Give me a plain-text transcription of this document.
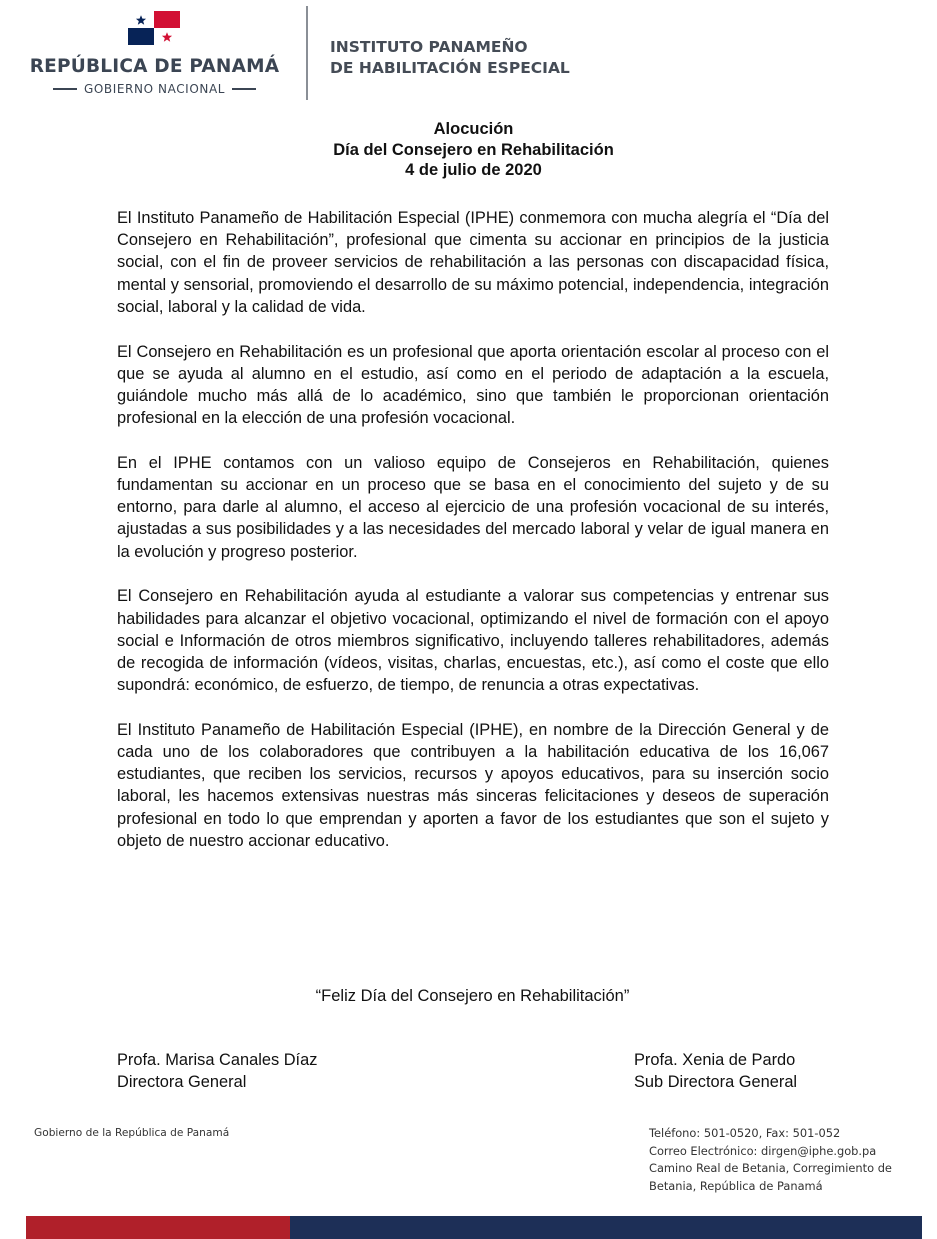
REPÚBLICA DE PANAMÁ
GOBIERNO NACIONAL
INSTITUTO PANAMEÑO
DE HABILITACIÓN ESPECIAL
Alocución
Día del Consejero en Rehabilitación
4 de julio de 2020

El Instituto Panameño de Habilitación Especial (IPHE) conmemora con mucha alegría el “Día del Consejero en Rehabilitación”, profesional que cimenta su accionar en principios de la justicia social, con el fin de proveer servicios de rehabilitación a las personas con discapacidad física, mental y sensorial, promoviendo el desarrollo de su máximo potencial, independencia, integración social, laboral y la calidad de vida.

El Consejero en Rehabilitación es un profesional que aporta orientación escolar al proceso con el que se ayuda al alumno en el estudio, así como en el periodo de adaptación a la escuela, guiándole mucho más allá de lo académico, sino que también le proporcionan orientación profesional en la elección de una profesión vocacional.

En el IPHE contamos con un valioso equipo de Consejeros en Rehabilitación, quienes fundamentan su accionar en un proceso que se basa en el conocimiento del sujeto y de su entorno, para darle al alumno, el acceso al ejercicio de una profesión vocacional de su interés, ajustadas a sus posibilidades y a las necesidades del mercado laboral y velar de igual manera en la evolución y progreso posterior.

El Consejero en Rehabilitación ayuda al estudiante a valorar sus competencias y entrenar sus habilidades para alcanzar el objetivo vocacional, optimizando el nivel de formación con el apoyo social e Información de otros miembros significativo, incluyendo talleres rehabilitadores, además de recogida de información (vídeos, visitas, charlas, encuestas, etc.), así como el coste que ello supondrá: económico, de esfuerzo, de tiempo, de renuncia a otras expectativas.

El Instituto Panameño de Habilitación Especial (IPHE), en nombre de la Dirección General y de cada uno de los colaboradores que contribuyen a la habilitación educativa de los 16,067 estudiantes, que reciben los servicios, recursos y apoyos educativos, para su inserción socio laboral, les hacemos extensivas nuestras más sinceras felicitaciones y deseos de superación profesional en todo lo que emprendan y aporten a favor de los estudiantes que son el sujeto y objeto de nuestro accionar educativo.

“Feliz Día del Consejero en Rehabilitación”
Profa. Marisa Canales Díaz
Directora General
Profa. Xenia de Pardo
Sub Directora General
Gobierno de la República de Panamá	Teléfono: 501-0520, Fax: 501-052
Correo Electrónico: dirgen@iphe.gob.pa
Camino Real de Betania, Corregimiento de
Betania, República de Panamá
